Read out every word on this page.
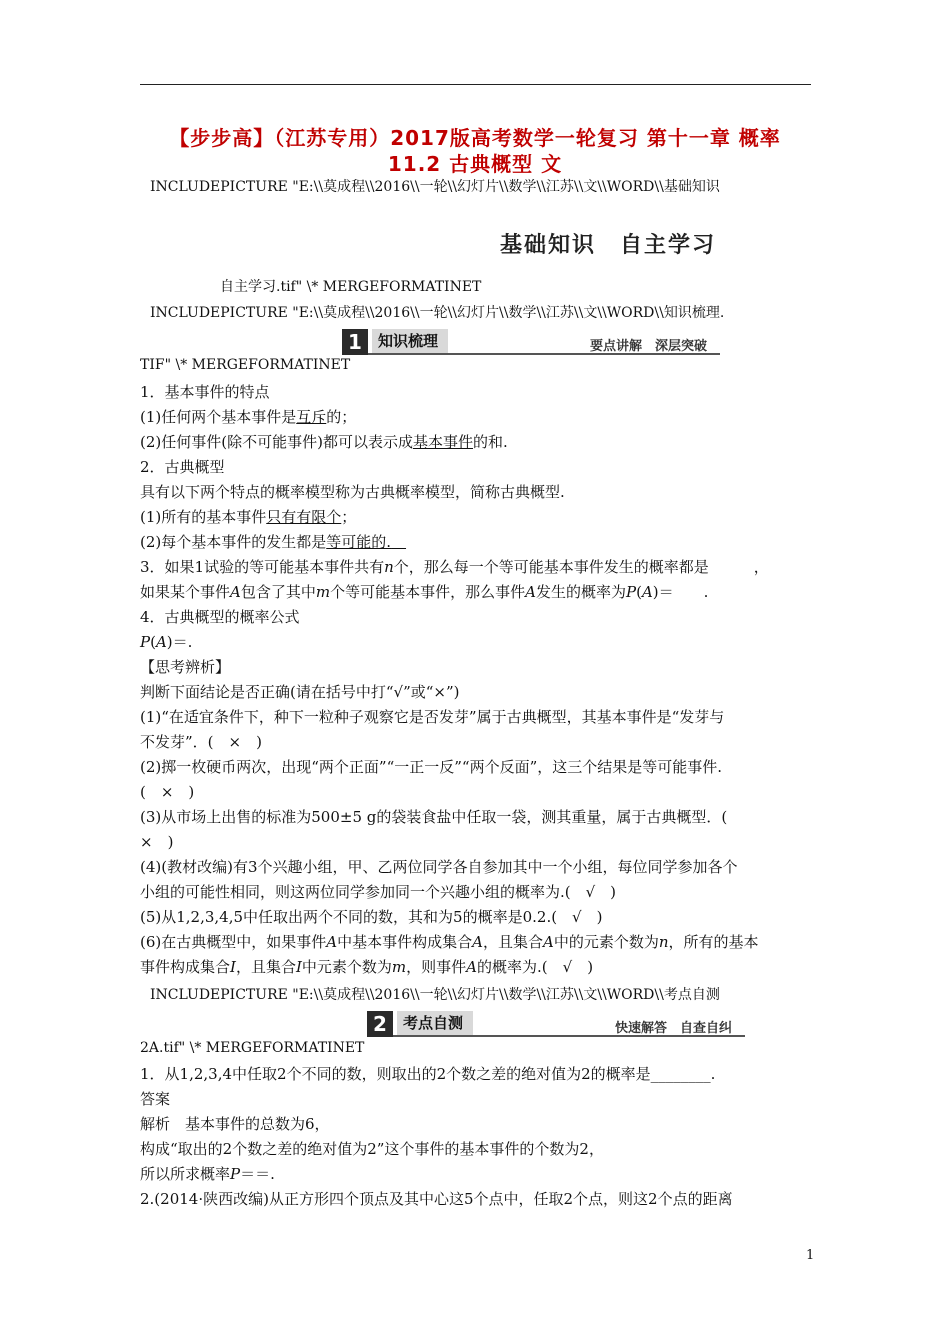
【步步高】（江苏专用）2017版高考数学一轮复习 第十一章 概率
11.2 古典概型 文
INCLUDEPICTURE "E:\\莫成程\\2016\\一轮\\幻灯片\\数学\\江苏\\文\\WORD\\基础知识
基础知识　自主学习
自主学习.tif" \* MERGEFORMATINET
INCLUDEPICTURE "E:\\莫成程\\2016\\一轮\\幻灯片\\数学\\江苏\\文\\WORD\\知识梳理.
1	知识梳理	要点讲解　深层突破
TIF" \* MERGEFORMATINET
1．基本事件的特点
(1)任何两个基本事件是互斥的；
(2)任何事件(除不可能事件)都可以表示成基本事件的和.
2．古典概型
具有以下两个特点的概率模型称为古典概率模型，简称古典概型.
(1)所有的基本事件只有有限个；
(2)每个基本事件的发生都是等可能的. 
3．如果1试验的等可能基本事件共有n个，那么每一个等可能基本事件发生的概率都是　　　，
如果某个事件A包含了其中m个等可能基本事件，那么事件A发生的概率为P(A)＝　　.
4．古典概型的概率公式
P(A)＝.
【思考辨析】
判断下面结论是否正确(请在括号中打“√”或“×”)
(1)“在适宜条件下，种下一粒种子观察它是否发芽”属于古典概型，其基本事件是“发芽与
不发芽”．(　×　)
(2)掷一枚硬币两次，出现“两个正面”“一正一反”“两个反面”，这三个结果是等可能事件.
(　×　)
(3)从市场上出售的标准为500±5 g的袋装食盐中任取一袋，测其重量，属于古典概型．(
×　)
(4)(教材改编)有3个兴趣小组，甲、乙两位同学各自参加其中一个小组，每位同学参加各个
小组的可能性相同，则这两位同学参加同一个兴趣小组的概率为.(　√　)
(5)从1,2,3,4,5中任取出两个不同的数，其和为5的概率是0.2.(　√　)
(6)在古典概型中，如果事件A中基本事件构成集合A，且集合A中的元素个数为n，所有的基本
事件构成集合I，且集合I中元素个数为m，则事件A的概率为.(　√　)
INCLUDEPICTURE "E:\\莫成程\\2016\\一轮\\幻灯片\\数学\\江苏\\文\\WORD\\考点自测
2	考点自测	快速解答　自查自纠
2A.tif" \* MERGEFORMATINET
1．从1,2,3,4中任取2个不同的数，则取出的2个数之差的绝对值为2的概率是________.
答案
解析　基本事件的总数为6，
构成“取出的2个数之差的绝对值为2”这个事件的基本事件的个数为2，
所以所求概率P＝＝.
2.(2014·陕西改编)从正方形四个顶点及其中心这5个点中，任取2个点，则这2个点的距离
1
